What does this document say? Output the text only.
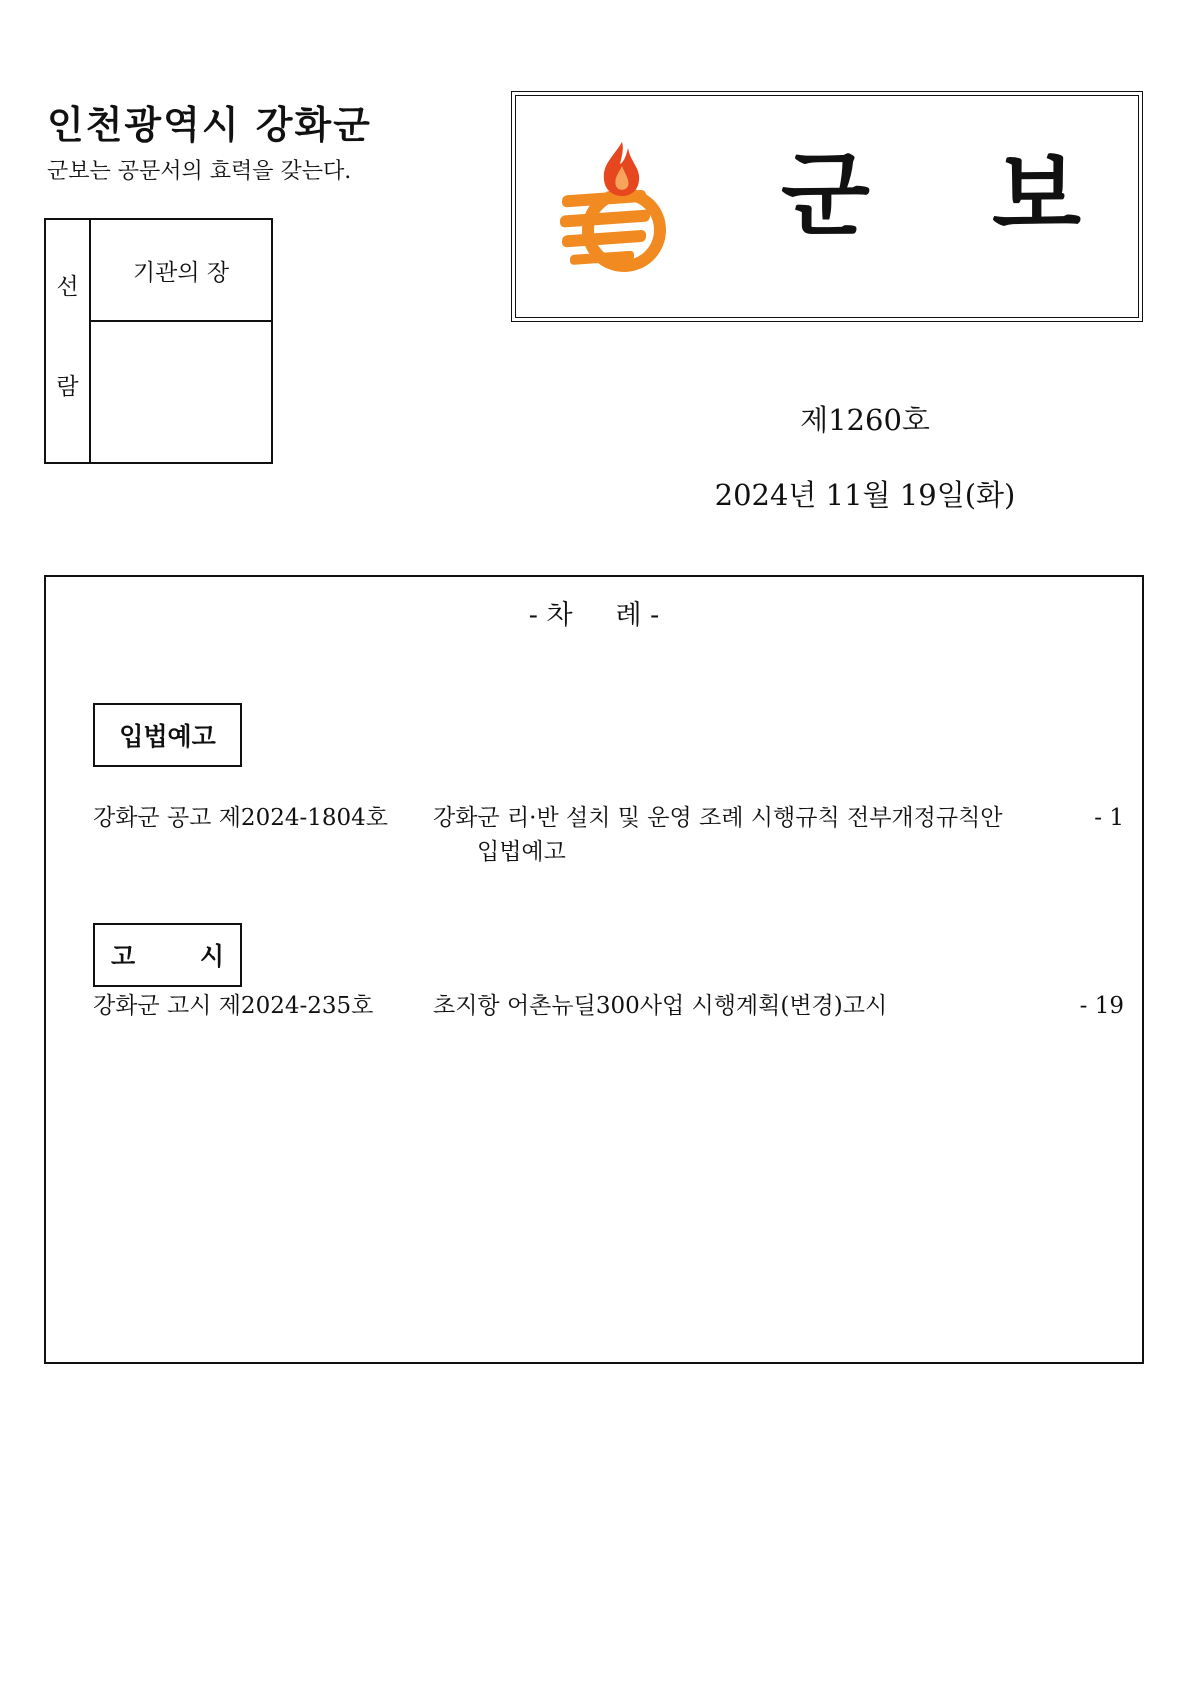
인천광역시 강화군
군보는 공문서의 효력을 갖는다.
선
람
기관의 장
군 보
제1260호
2024년 11월 19일(화)
- 차     례 -
입법예고
강화군 공고 제2024-1804호	강화군 리·반 설치 및 운영 조례 시행규칙 전부개정규칙안	- 1
입법예고
고 시
강화군 고시 제2024-235호	초지항 어촌뉴딜300사업 시행계획(변경)고시	- 19
